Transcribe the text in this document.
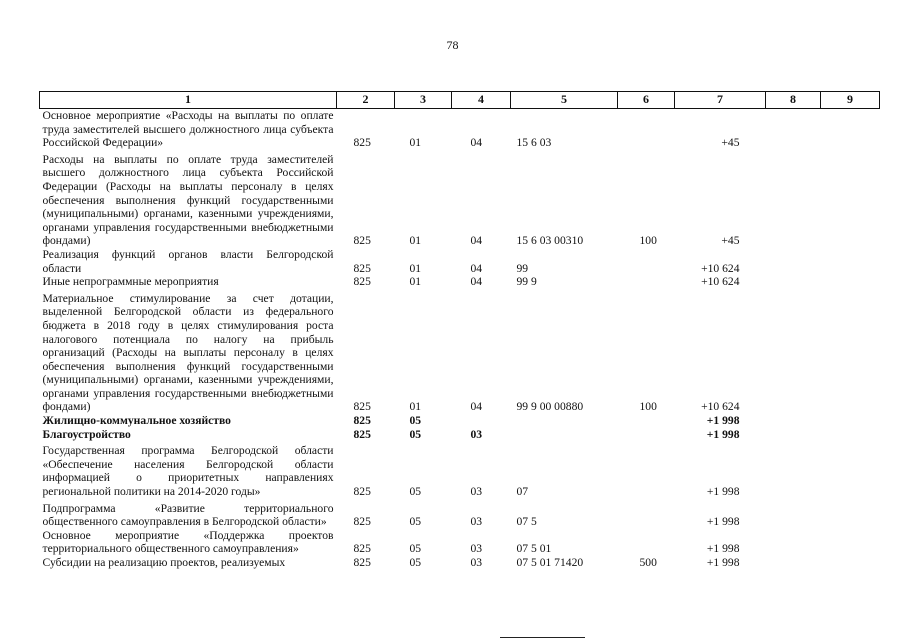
78
1	2	3	4	5	6	7	8	9
Основное мероприятие «Расходы на выплаты по оплате труда заместителей высшего должностного лица субъекта Российской Федерации»	825	01	04	15 6 03		+45		
Расходы на выплаты по оплате труда заместителей высшего должностного лица субъекта Российской Федерации (Расходы на выплаты персоналу в целях обеспечения выполнения функций государственными (муниципальными) органами, казенными учреждениями, органами управления государственными внебюджетными фондами)	825	01	04	15 6 03 00310	100	+45		
Реализация функций органов власти Белгородской области	825	01	04	99		+10 624		
Иные непрограммные мероприятия	825	01	04	99 9		+10 624		
Материальное стимулирование за счет дотации, выделенной Белгородской области из федерального бюджета в 2018 году в целях стимулирования роста налогового потенциала по налогу на прибыль организаций (Расходы на выплаты персоналу в целях обеспечения выполнения функций государственными (муниципальными) органами, казенными учреждениями, органами управления государственными внебюджетными фондами)	825	01	04	99 9 00 00880	100	+10 624		
Жилищно-коммунальное хозяйство	825	05				+1 998		
Благоустройство	825	05	03			+1 998		
Государственная программа Белгородской области «Обеспечение населения Белгородской области информацией о приоритетных направлениях региональной политики на 2014-2020 годы»	825	05	03	07		+1 998		
Подпрограмма «Развитие территориального общественного самоуправления в Белгородской области»	825	05	03	07 5		+1 998		
Основное мероприятие «Поддержка проектов территориального общественного самоуправления»	825	05	03	07 5 01		+1 998		
Субсидии на реализацию проектов, реализуемых	825	05	03	07 5 01 71420	500	+1 998		
